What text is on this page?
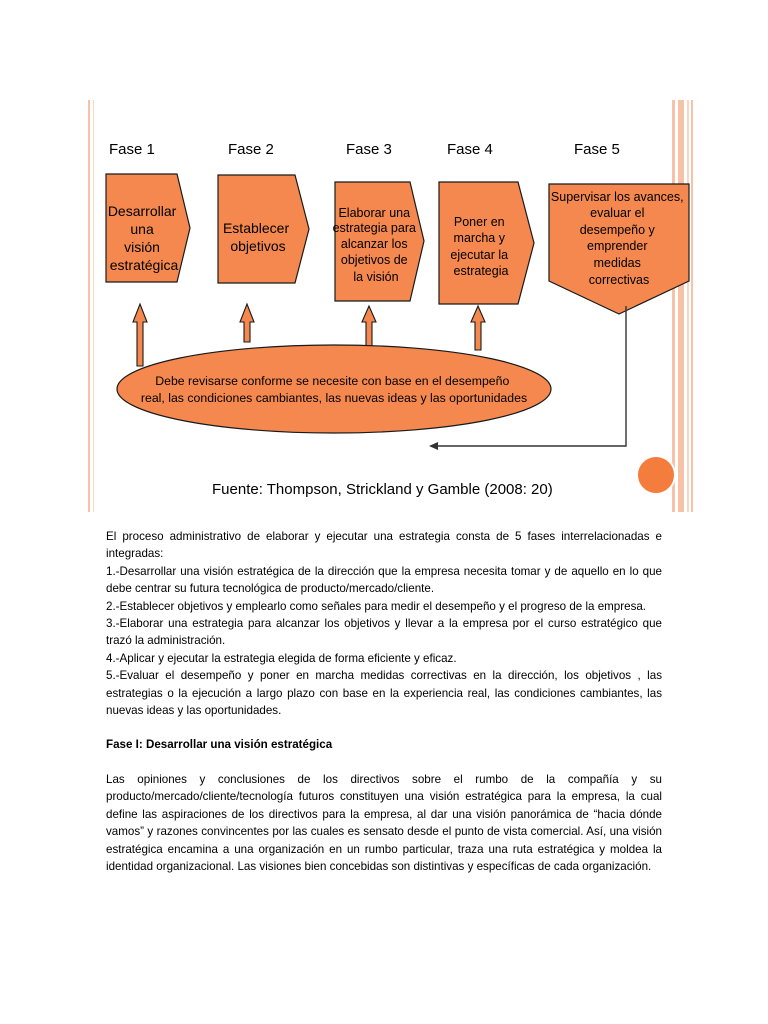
Fase 1	Fase 2	Fase 3	Fase 4	Fase 5
Desarrollar una visión estratégica
Establecer objetivos
Elaborar una estrategia para alcanzar los objetivos de la visión
Poner en marcha y ejecutar la estrategia
Supervisar los avances, evaluar el desempeño y emprender medidas correctivas
Debe revisarse conforme se necesite con base en el desempeño real, las condiciones cambiantes, las nuevas ideas y las oportunidades
Fuente: Thompson, Strickland y Gamble (2008: 20)

El proceso administrativo de elaborar y ejecutar una estrategia consta de 5 fases interrelacionadas e integradas:

1.-Desarrollar una visión estratégica de la dirección que la empresa necesita tomar y de aquello en lo que debe centrar su futura tecnológica de producto/mercado/cliente.

2.-Establecer objetivos y emplearlo como señales para medir el desempeño y el progreso de la empresa.

3.-Elaborar una estrategia para alcanzar los objetivos y llevar a la empresa por el curso estratégico que trazó la administración.

4.-Aplicar y ejecutar la estrategia elegida de forma eficiente y eficaz.

5.-Evaluar el desempeño y poner en marcha medidas correctivas en la dirección, los objetivos , las estrategias o la ejecución a largo plazo con base en la experiencia real, las condiciones cambiantes, las nuevas ideas y las oportunidades.

Fase I: Desarrollar una visión estratégica

Las opiniones y conclusiones de los directivos sobre el rumbo de la compañía y su producto/mercado/cliente/tecnología futuros constituyen una visión estratégica para la empresa, la cual define las aspiraciones de los directivos para la empresa, al dar una visión panorámica de “hacia dónde vamos” y razones convincentes por las cuales es sensato desde el punto de vista comercial. Así, una visión estratégica encamina a una organización en un rumbo particular, traza una ruta estratégica y moldea la identidad organizacional. Las visiones bien concebidas son distintivas y específicas de cada organización.
